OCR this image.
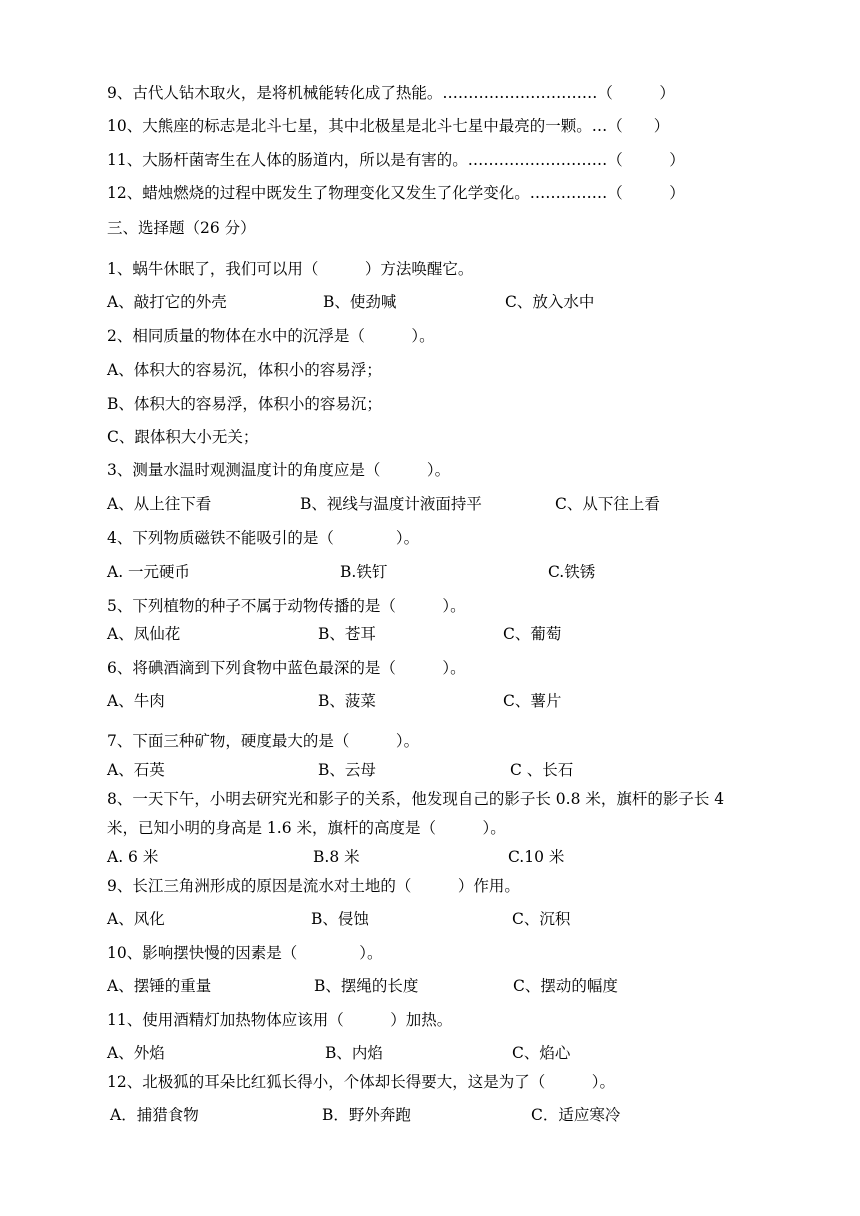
9、古代人钻木取火，是将机械能转化成了热能。…………………………（　　　）
10、大熊座的标志是北斗七星，其中北极星是北斗七星中最亮的一颗。…（　　）
11、大肠杆菌寄生在人体的肠道内，所以是有害的。………………………（　　　）
12、蜡烛燃烧的过程中既发生了物理变化又发生了化学变化。……………（　　　）
三、选择题（26 分）
1、蜗牛休眠了，我们可以用（　　　）方法唤醒它。
A、敲打它的外壳	B、使劲喊	C、放入水中
2、相同质量的物体在水中的沉浮是（　　　）。
A、体积大的容易沉，体积小的容易浮；
B、体积大的容易浮，体积小的容易沉；
C、跟体积大小无关；
3、测量水温时观测温度计的角度应是（　　　）。
A、从上往下看	B、视线与温度计液面持平	C、从下往上看
4、下列物质磁铁不能吸引的是（　　　　）。
A. 一元硬币	B.铁钉	C.铁锈
5、下列植物的种子不属于动物传播的是（　　　）。
A、凤仙花	B、苍耳	C、葡萄
6、将碘酒滴到下列食物中蓝色最深的是（　　　）。
A、牛肉	B、菠菜	C、薯片
7、下面三种矿物，硬度最大的是（　　　）。
A、石英	B、云母	C 、长石
8、一天下午，小明去研究光和影子的关系，他发现自己的影子长 0.8 米，旗杆的影子长 4
米，已知小明的身高是 1.6 米，旗杆的高度是（　　　）。
A. 6 米	B.8 米	C.10 米
9、长江三角洲形成的原因是流水对土地的（　　　）作用。
A、风化	B、侵蚀	C、沉积
10、影响摆快慢的因素是（　　　　）。
A、摆锤的重量	B、摆绳的长度	C、摆动的幅度
11、使用酒精灯加热物体应该用（　　　）加热。
A、外焰	B、内焰	C、焰心
12、北极狐的耳朵比红狐长得小，个体却长得要大，这是为了（　　　）。
A．捕猎食物	B．野外奔跑	C．适应寒冷
